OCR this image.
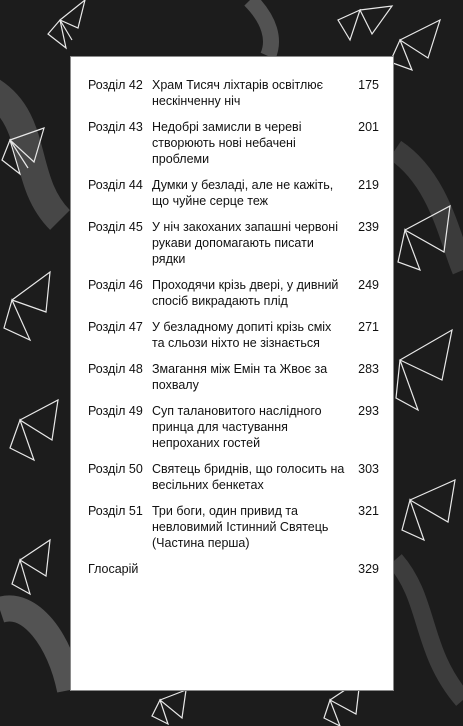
Розділ 42 Храм Тисяч ліхтарів освітлює нескінченну ніч
175
Розділ 43 Недобрі замисли в череві створюють нові небачені проблеми
201
Розділ 44 Думки у безладі, але не кажіть, що чуйне серце теж
219
Розділ 45 У ніч закоханих запашні червоні рукави допомагають писати рядки
239
Розділ 46 Проходячи крізь двері, у дивний спосіб викрадають плід
249
Розділ 47 У безладному допиті крізь сміх та сльози ніхто не зізнається
271
Розділ 48 Змагання між Емін та Жвоє за похвалу
283
Розділ 49 Суп талановитого наслідного принца для частування непроханих гостей
293
Розділ 50 Святець бриднів, що голосить на весільних бенкетах
303
Розділ 51 Три боги, один привид та невловимий Істинний Святець (Частина перша)
321
Глосарій	329
